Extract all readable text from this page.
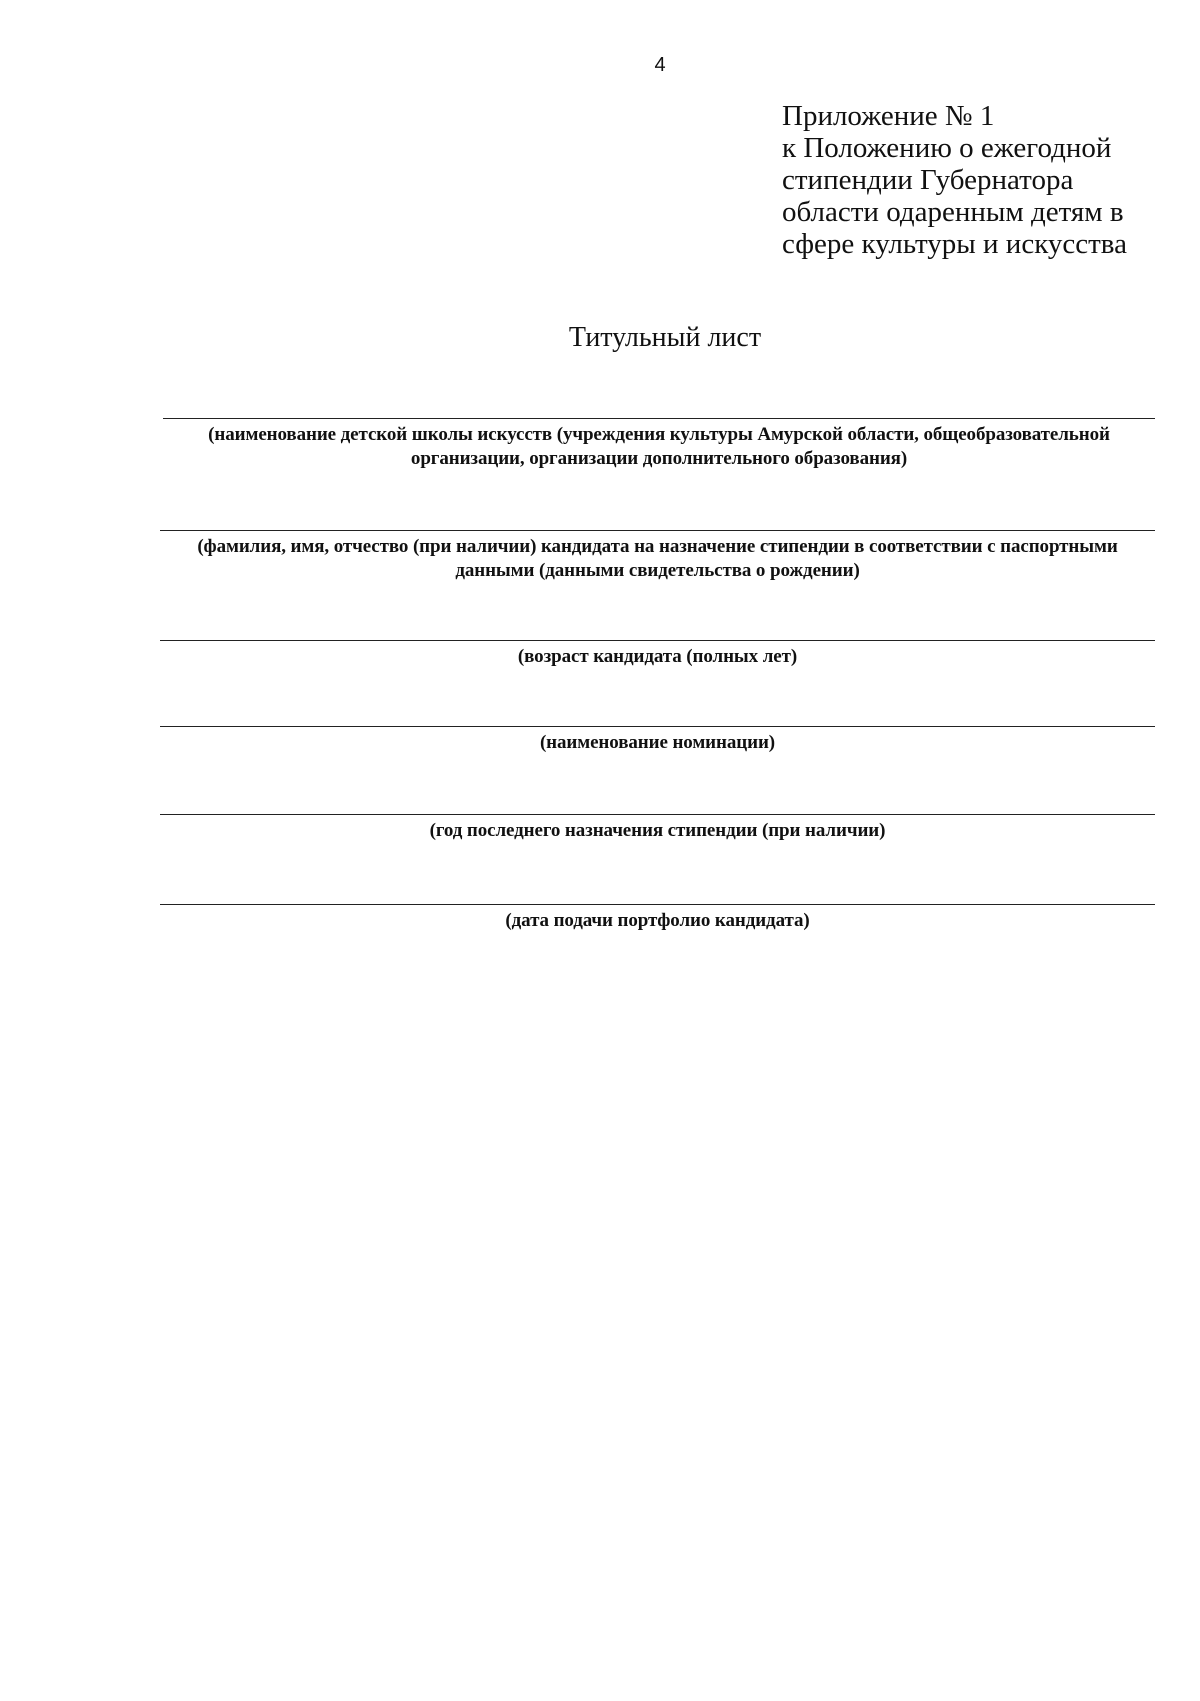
4
Приложение № 1
к Положению о ежегодной
стипендии Губернатора
области одаренным детям в
сфере культуры и искусства
Титульный лист
(наименование детской школы искусств (учреждения культуры Амурской области, общеобразовательной
организации, организации дополнительного образования)
(фамилия, имя, отчество (при наличии) кандидата на назначение стипендии в соответствии с паспортными
данными (данными свидетельства о рождении)
(возраст кандидата (полных лет)
(наименование номинации)
(год последнего назначения стипендии (при наличии)
(дата подачи портфолио кандидата)
